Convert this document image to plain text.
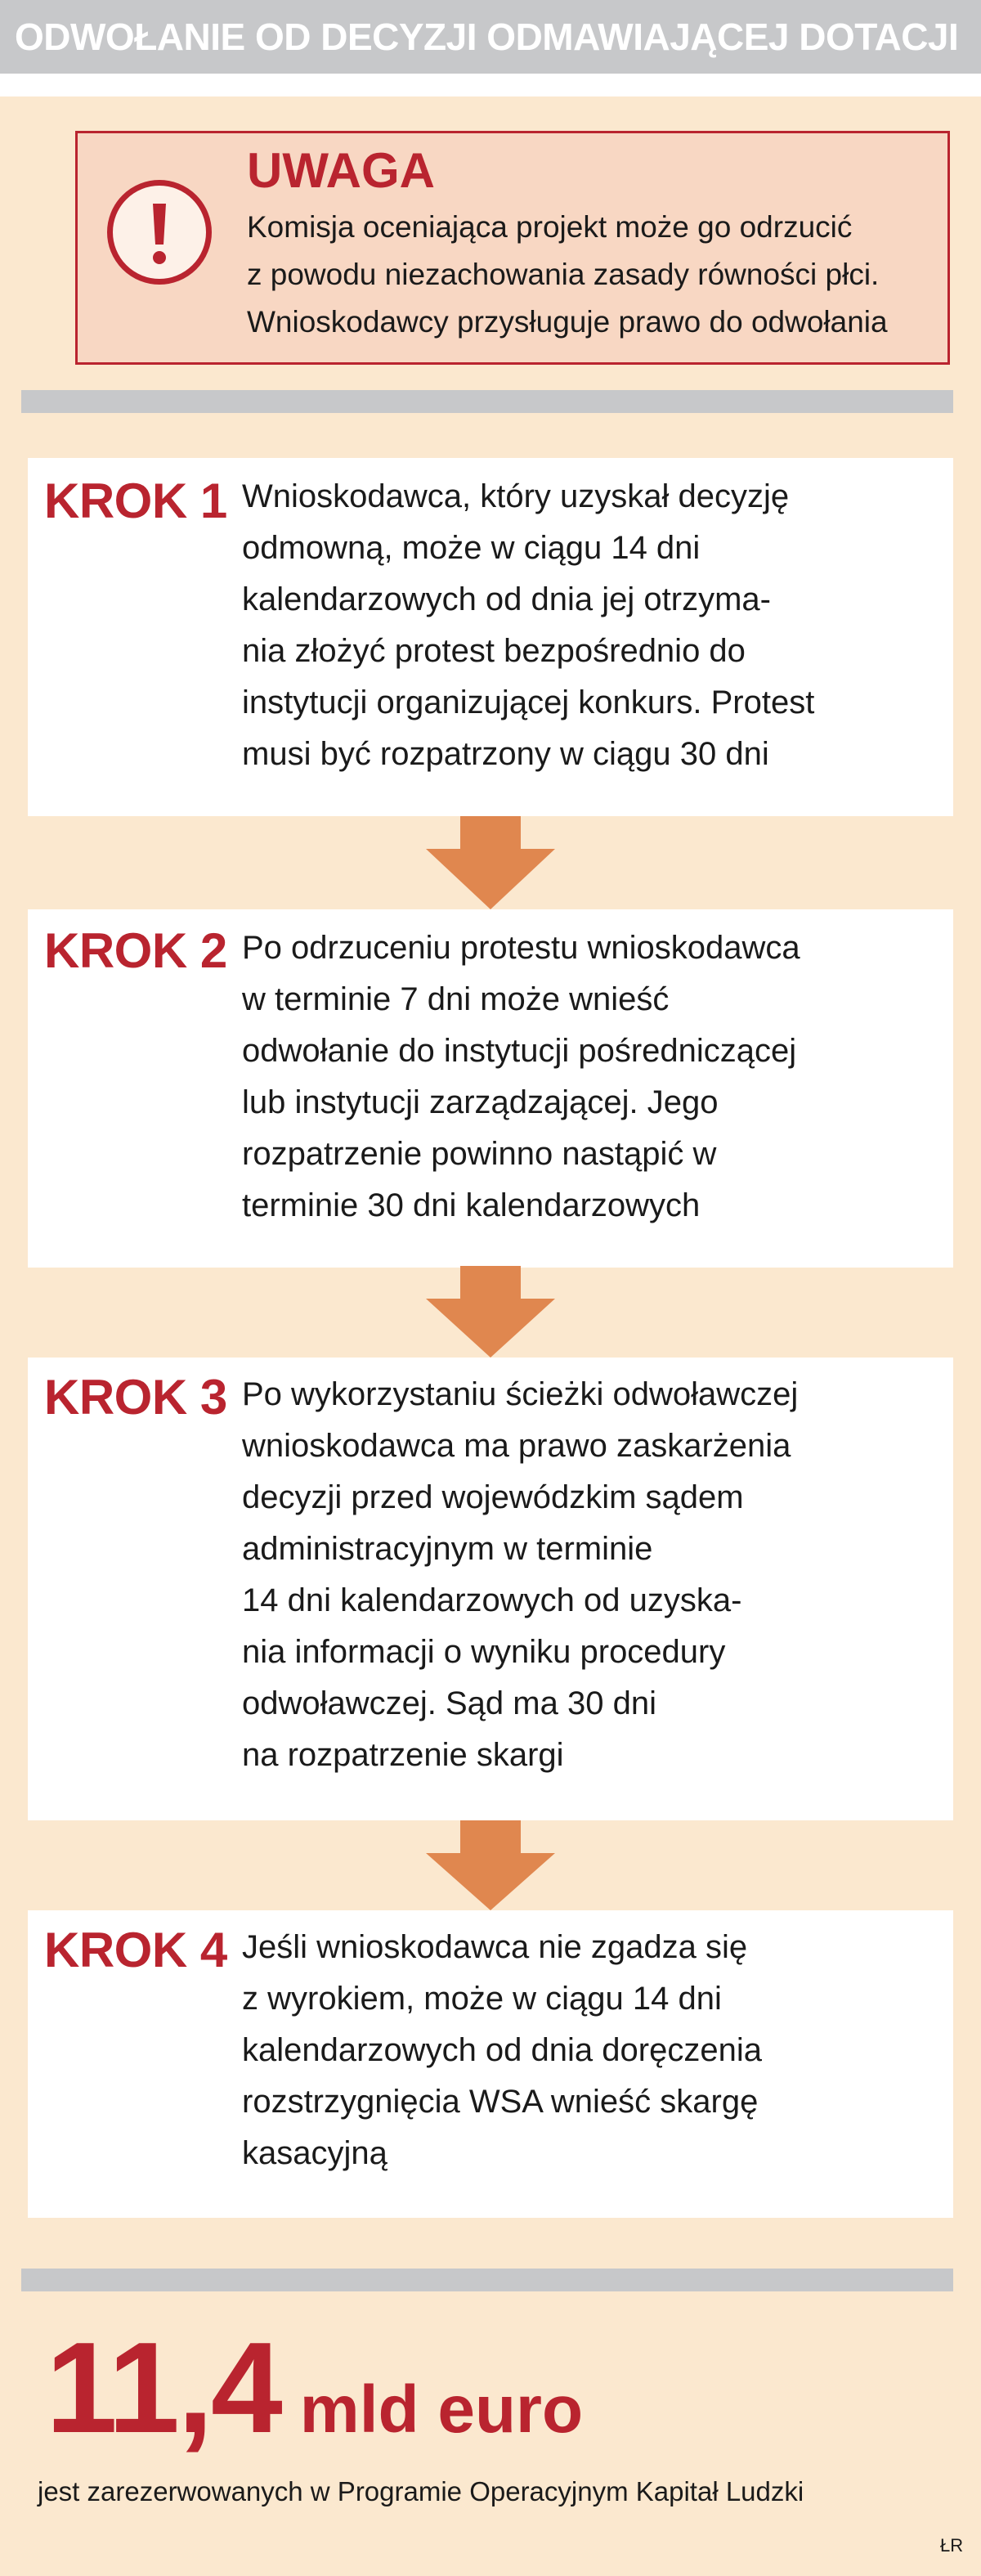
ODWOŁANIE OD DECYZJI ODMAWIAJĄCEJ DOTACJI
UWAGA
Komisja oceniająca projekt może go odrzucić
z powodu niezachowania zasady równości płci.
Wnioskodawcy przysługuje prawo do odwołania
KROK 1 Wnioskodawca, który uzyskał decyzję
odmowną, może w ciągu 14 dni
kalendarzowych od dnia jej otrzyma-
nia złożyć protest bezpośrednio do
instytucji organizującej konkurs. Protest
musi być rozpatrzony w ciągu 30 dni
KROK 2 Po odrzuceniu protestu wnioskodawca
w terminie 7 dni może wnieść
odwołanie do instytucji pośredniczącej
lub instytucji zarządzającej. Jego
rozpatrzenie powinno nastąpić w
terminie 30 dni kalendarzowych
KROK 3 Po wykorzystaniu ścieżki odwoławczej
wnioskodawca ma prawo zaskarżenia
decyzji przed wojewódzkim sądem
administracyjnym w terminie
14 dni kalendarzowych od uzyska-
nia informacji o wyniku procedury
odwoławczej. Sąd ma 30 dni
na rozpatrzenie skargi
KROK 4 Jeśli wnioskodawca nie zgadza się
z wyrokiem, może w ciągu 14 dni
kalendarzowych od dnia doręczenia
rozstrzygnięcia WSA wnieść skargę
kasacyjną
11,4 mld euro
jest zarezerwowanych w Programie Operacyjnym Kapitał Ludzki
ŁR
